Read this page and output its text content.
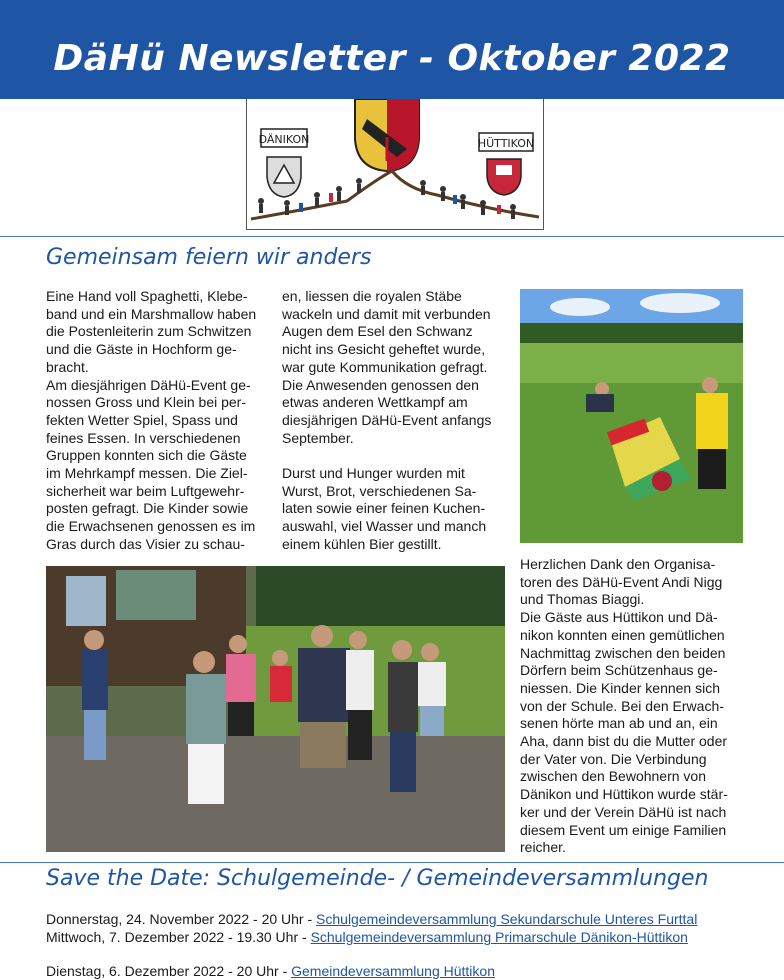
DäHü Newsletter - Oktober 2022
DÄNIKON	HÜTTIKON
Gemeinsam feiern wir anders

Eine Hand voll Spaghetti, Klebe-

band und ein Marshmallow haben

die Postenleiterin zum Schwitzen

und die Gäste in Hochform ge-

bracht.

Am diesjährigen DäHü-Event ge-

nossen Gross und Klein bei per-

fekten Wetter Spiel, Spass und

feines Essen. In verschiedenen

Gruppen konnten sich die Gäste

im Mehrkampf messen. Die Ziel-

sicherheit war beim Luftgewehr-

posten gefragt. Die Kinder sowie

die Erwachsenen genossen es im

Gras durch das Visier zu schau-

en, liessen die royalen Stäbe

wackeln und damit mit verbunden

Augen dem Esel den Schwanz

nicht ins Gesicht geheftet wurde,

war gute Kommunikation gefragt.

Die Anwesenden genossen den

etwas anderen Wettkampf am

diesjährigen DäHü-Event anfangs

September.

Durst und Hunger wurden mit

Wurst, Brot, verschiedenen Sa-

laten sowie einer feinen Kuchen-

auswahl, viel Wasser und manch

einem kühlen Bier gestillt.

Herzlichen Dank den Organisa-

toren des DäHü-Event Andi Nigg

und Thomas Biaggi.

Die Gäste aus Hüttikon und Dä-

nikon konnten einen gemütlichen

Nachmittag zwischen den beiden

Dörfern beim Schützenhaus ge-

niessen. Die Kinder kennen sich

von der Schule. Bei den Erwach-

senen hörte man ab und an, ein

Aha, dann bist du die Mutter oder

der Vater von. Die Verbindung

zwischen den Bewohnern von

Dänikon und Hüttikon wurde stär-

ker und der Verein DäHü ist nach

diesem Event um einige Familien

reicher.

Save the Date: Schulgemeinde- / Gemeindeversammlungen
Donnerstag, 24. November 2022 - 20 Uhr - Schulgemeindeversammlung Sekundarschule Unteres Furttal
Mittwoch, 7. Dezember 2022 - 19.30 Uhr - Schulgemeindeversammlung Primarschule Dänikon-Hüttikon
Dienstag, 6. Dezember 2022 - 20 Uhr - Gemeindeversammlung Hüttikon
